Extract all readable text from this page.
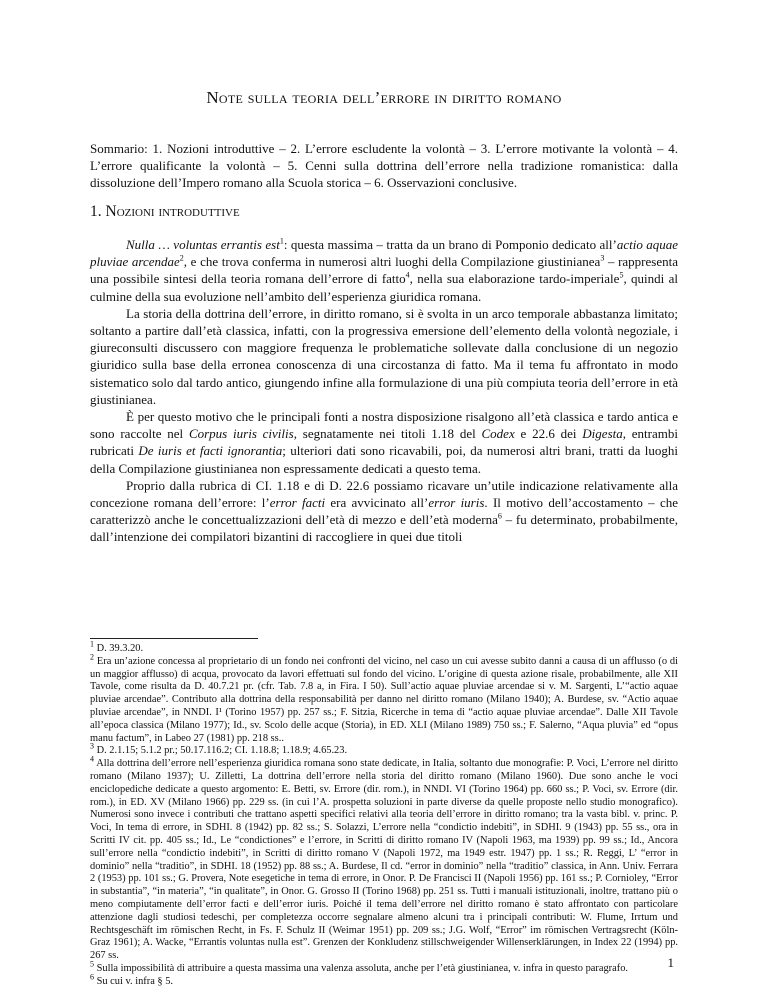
Note sulla teoria dell’errore in diritto romano
Sommario: 1. Nozioni introduttive – 2. L’errore escludente la volontà – 3. L’errore motivante la volontà – 4. L’errore qualificante la volontà – 5. Cenni sulla dottrina dell’errore nella tradizione romanistica: dalla dissoluzione dell’Impero romano alla Scuola storica – 6. Osservazioni conclusive.
1. Nozioni introduttive

Nulla … voluntas errantis est$^1$: questa massima – tratta da un brano di Pomponio dedicato all’actio aquae pluviae arcendae$^2$, e che trova conferma in numerosi altri luoghi della Compilazione giustinianea$^3$ – rappresenta una possibile sintesi della teoria romana dell’errore di fatto$^4$, nella sua elaborazione tardo-imperiale$^5$, quindi al culmine della sua evoluzione nell’ambito dell’esperienza giuridica romana.

La storia della dottrina dell’errore, in diritto romano, si è svolta in un arco temporale abbastanza limitato; soltanto a partire dall’età classica, infatti, con la progressiva emersione dell’elemento della volontà negoziale, i giureconsulti discussero con maggiore frequenza le problematiche sollevate dalla conclusione di un negozio giuridico sulla base della erronea conoscenza di una circostanza di fatto. Ma il tema fu affrontato in modo sistematico solo dal tardo antico, giungendo infine alla formulazione di una più compiuta teoria dell’errore in età giustinianea.

È per questo motivo che le principali fonti a nostra disposizione risalgono all’età classica e tardo antica e sono raccolte nel Corpus iuris civilis, segnatamente nei titoli 1.18 del Codex e 22.6 dei Digesta, entrambi rubricati De iuris et facti ignorantia; ulteriori dati sono ricavabili, poi, da numerosi altri brani, tratti da luoghi della Compilazione giustinianea non espressamente dedicati a questo tema.

Proprio dalla rubrica di CI. 1.18 e di D. 22.6 possiamo ricavare un’utile indicazione relativamente alla concezione romana dell’errore: l’error facti era avvicinato all’error iuris. Il motivo dell’accostamento – che caratterizzò anche le concettualizzazioni dell’età di mezzo e dell’età moderna$^6$ – fu determinato, probabilmente, dall’intenzione dei compilatori bizantini di raccogliere in quei due titoli

$^1$ D. 39.3.20.
$^2$ Era un’azione concessa al proprietario di un fondo nei confronti del vicino, nel caso un cui avesse subito danni a causa di un afflusso (o di un maggior afflusso) di acqua, provocato da lavori effettuati sul fondo del vicino. L’origine di questa azione risale, probabilmente, alle XII Tavole, come risulta da D. 40.7.21 pr. (cfr. Tab. 7.8 a, in Fira. I 50). Sull’actio aquae pluviae arcendae si v. M. Sargenti, L’“actio aquae pluviae arcendae”. Contributo alla dottrina della responsabilità per danno nel diritto romano (Milano 1940); A. Burdese, sv. “Actio aquae pluviae arcendae”, in NNDI. I¹ (Torino 1957) pp. 257 ss.; F. Sitzia, Ricerche in tema di “actio aquae pluviae arcendae”. Dalle XII Tavole all’epoca classica (Milano 1977); Id., sv. Scolo delle acque (Storia), in ED. XLI (Milano 1989) 750 ss.; F. Salerno, “Aqua pluvia” ed “opus manu factum”, in Labeo 27 (1981) pp. 218 ss..
$^3$ D. 2.1.15; 5.1.2 pr.; 50.17.116.2; CI. 1.18.8; 1.18.9; 4.65.23.
$^4$ Alla dottrina dell’errore nell’esperienza giuridica romana sono state dedicate, in Italia, soltanto due monografie: P. Voci, L’errore nel diritto romano (Milano 1937); U. Zilletti, La dottrina dell’errore nella storia del diritto romano (Milano 1960). Due sono anche le voci enciclopediche dedicate a questo argomento: E. Betti, sv. Errore (dir. rom.), in NNDI. VI (Torino 1964) pp. 660 ss.; P. Voci, sv. Errore (dir. rom.), in ED. XV (Milano 1966) pp. 229 ss. (in cui l’A. prospetta soluzioni in parte diverse da quelle proposte nello studio monografico). Numerosi sono invece i contributi che trattano aspetti specifici relativi alla teoria dell’errore in diritto romano; tra la vasta bibl. v. princ. P. Voci, In tema di errore, in SDHI. 8 (1942) pp. 82 ss.; S. Solazzi, L’errore nella “condictio indebiti”, in SDHI. 9 (1943) pp. 55 ss., ora in Scritti IV cit. pp. 405 ss.; Id., Le “condictiones” e l’errore, in Scritti di diritto romano IV (Napoli 1963, ma 1939) pp. 99 ss.; Id., Ancora sull’errore nella “condictio indebiti”, in Scritti di diritto romano V (Napoli 1972, ma 1949 estr. 1947) pp. 1 ss.; R. Reggi, L’ “error in dominio” nella “traditio”, in SDHI. 18 (1952) pp. 88 ss.; A. Burdese, Il cd. “error in dominio” nella “traditio” classica, in Ann. Univ. Ferrara 2 (1953) pp. 101 ss.; G. Provera, Note esegetiche in tema di errore, in Onor. P. De Francisci II (Napoli 1956) pp. 161 ss.; P. Cornioley, “Error in substantia”, “in materia”, “in qualitate”, in Onor. G. Grosso II (Torino 1968) pp. 251 ss. Tutti i manuali istituzionali, inoltre, trattano più o meno compiutamente dell’error facti e dell’error iuris. Poiché il tema dell’errore nel diritto romano è stato affrontato con particolare attenzione dagli studiosi tedeschi, per completezza occorre segnalare almeno alcuni tra i principali contributi: W. Flume, Irrtum und Rechtsgeschäft im römischen Recht, in Fs. F. Schulz II (Weimar 1951) pp. 209 ss.; J.G. Wolf, “Error” im römischen Vertragsrecht (Köln-Graz 1961); A. Wacke, “Errantis voluntas nulla est”. Grenzen der Konkludenz stillschweigender Willenserklärungen, in Index 22 (1994) pp. 267 ss.
$^5$ Sulla impossibilità di attribuire a questa massima una valenza assoluta, anche per l’età giustinianea, v. infra in questo paragrafo.
$^6$ Su cui v. infra § 5.
1
